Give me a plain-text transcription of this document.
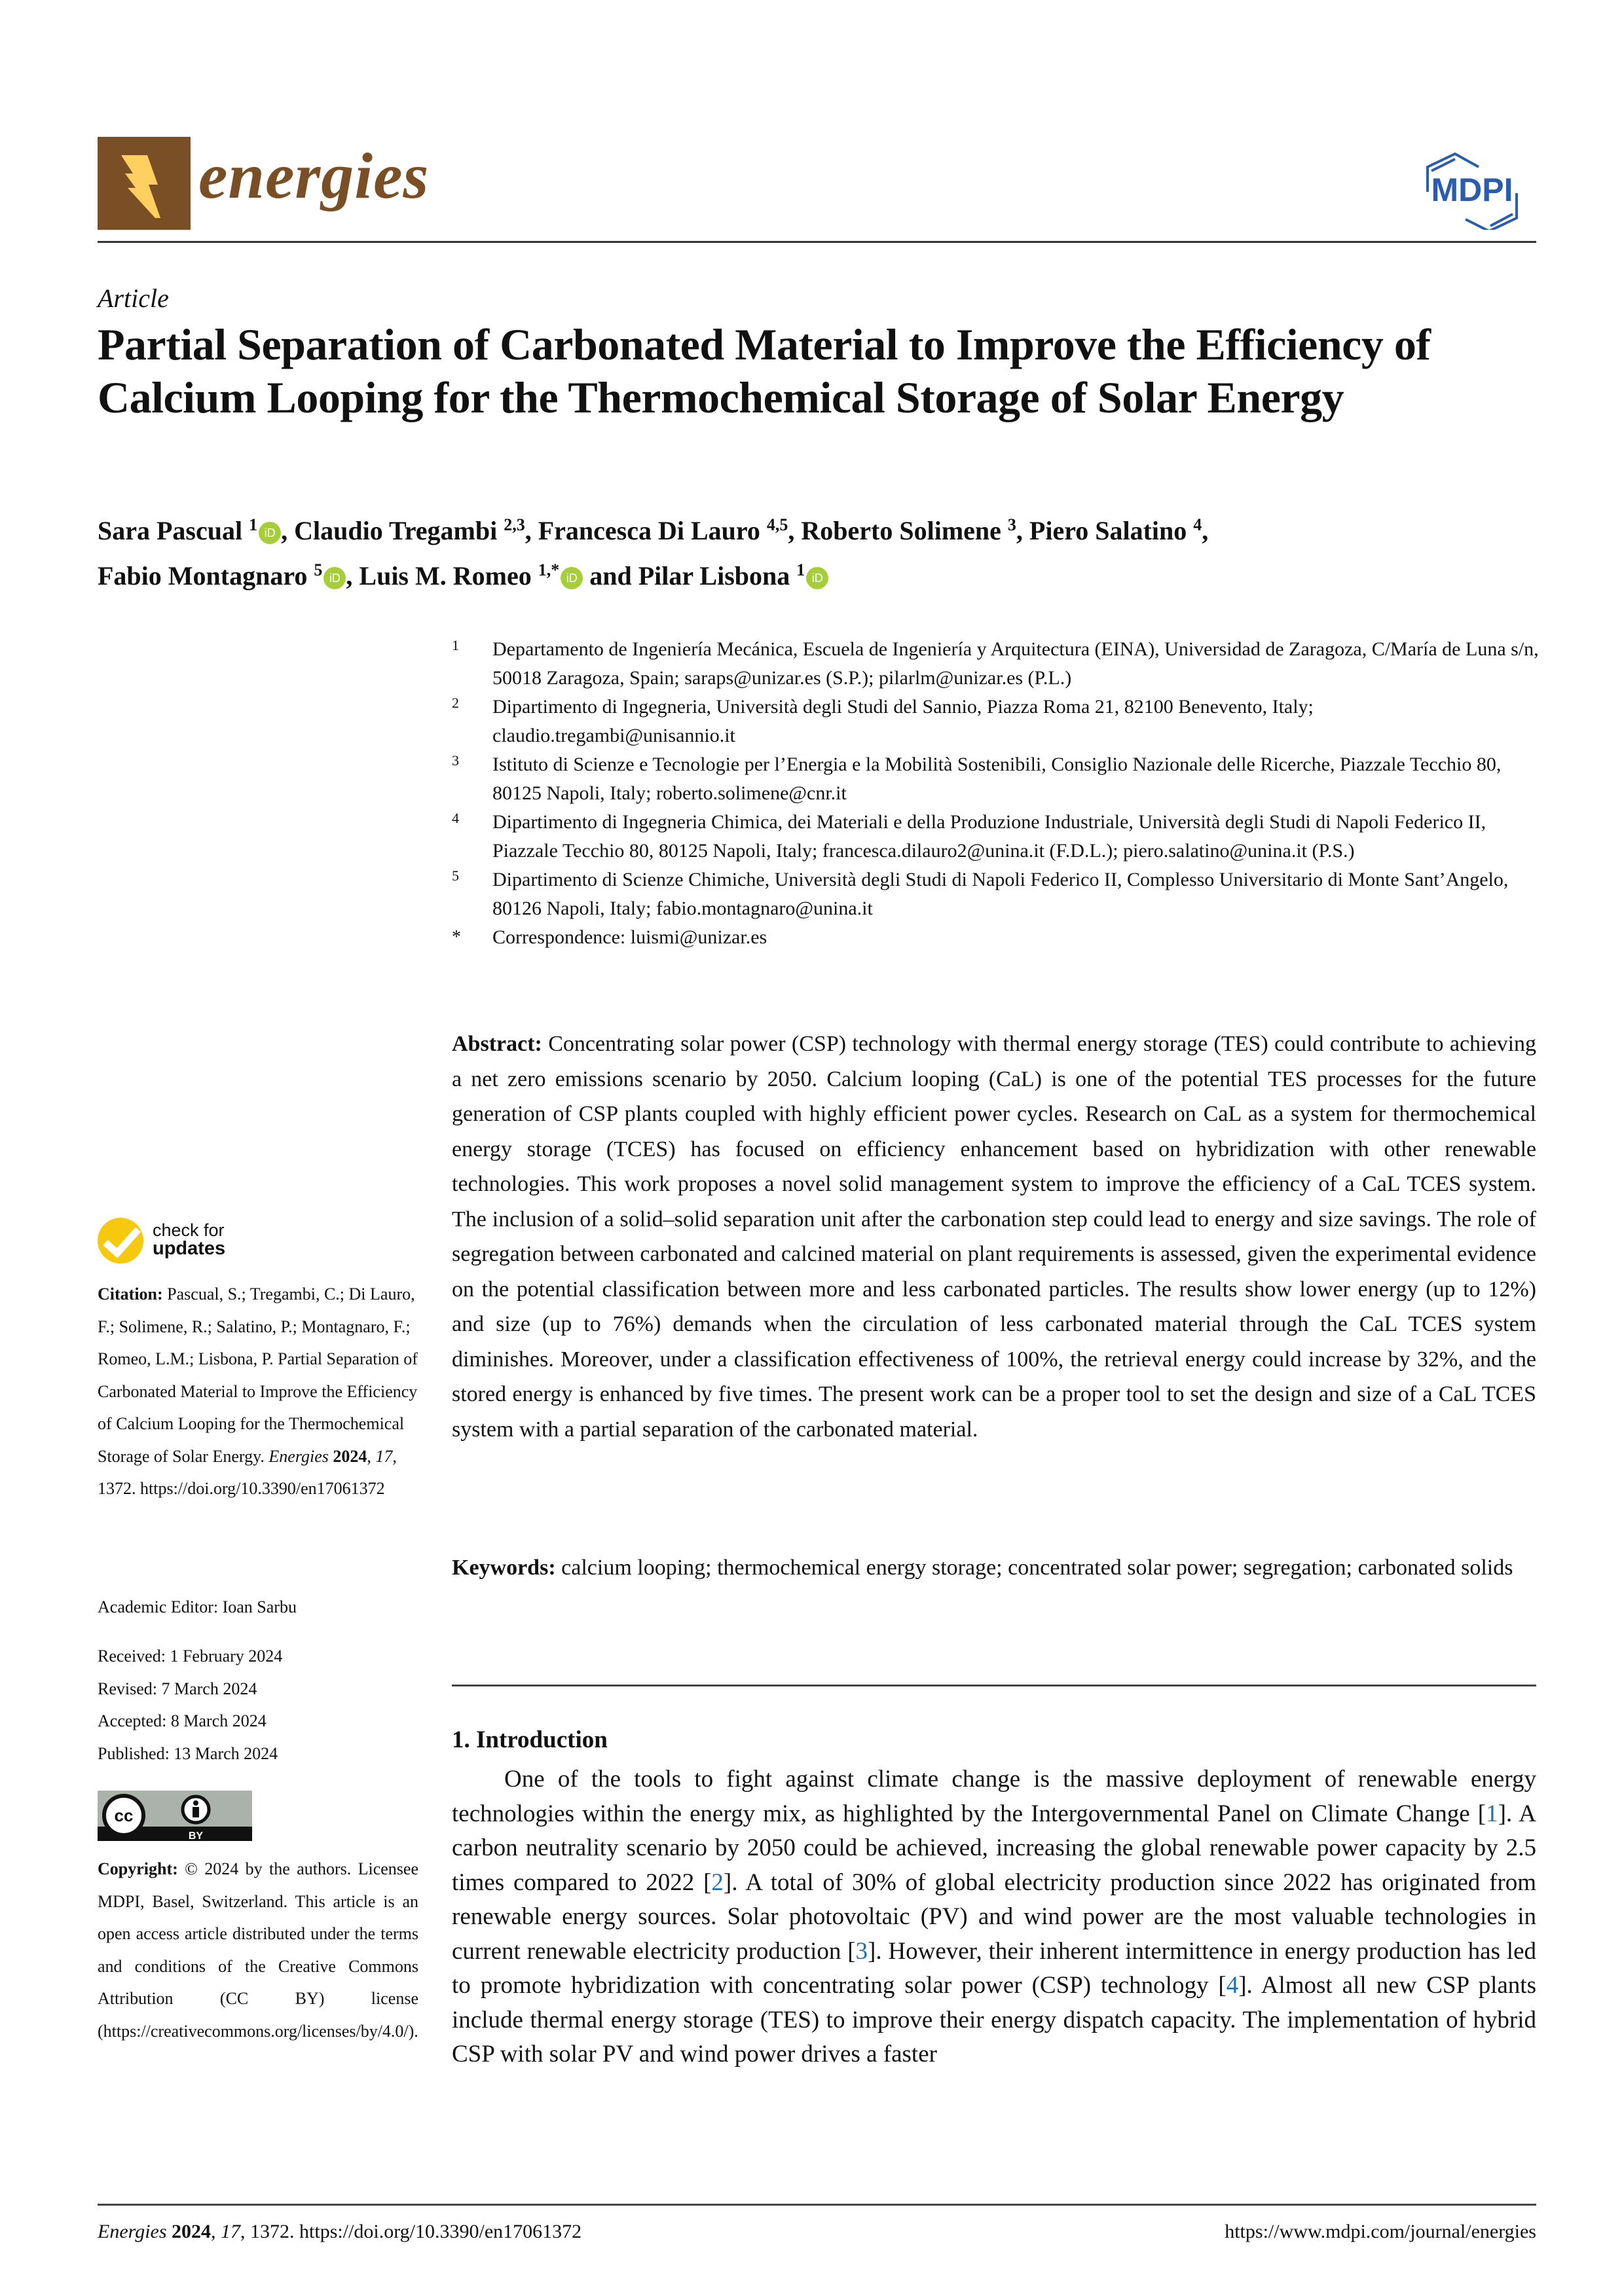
energies	MDPI
Article
Partial Separation of Carbonated Material to Improve the Efficiency of Calcium Looping for the Thermochemical Storage of Solar Energy
Sara Pascual $^1$ iD , Claudio Tregambi $^{2,3}$, Francesca Di Lauro $^{4,5}$, Roberto Solimene $^3$, Piero Salatino $^4$,
Fabio Montagnaro $^5$ iD , Luis M. Romeo $^{1,*}$ iD and Pilar Lisbona $^1$ iD
1 Departamento de Ingeniería Mecánica, Escuela de Ingeniería y Arquitectura (EINA), Universidad de Zaragoza, C/María de Luna s/n, 50018 Zaragoza, Spain; saraps@unizar.es (S.P.); pilarlm@unizar.es (P.L.)
2 Dipartimento di Ingegneria, Università degli Studi del Sannio, Piazza Roma 21, 82100 Benevento, Italy; claudio.tregambi@unisannio.it
3 Istituto di Scienze e Tecnologie per l’Energia e la Mobilità Sostenibili, Consiglio Nazionale delle Ricerche, Piazzale Tecchio 80, 80125 Napoli, Italy; roberto.solimene@cnr.it
4 Dipartimento di Ingegneria Chimica, dei Materiali e della Produzione Industriale, Università degli Studi di Napoli Federico II, Piazzale Tecchio 80, 80125 Napoli, Italy; francesca.dilauro2@unina.it (F.D.L.); piero.salatino@unina.it (P.S.)
5 Dipartimento di Scienze Chimiche, Università degli Studi di Napoli Federico II, Complesso Universitario di Monte Sant’Angelo, 80126 Napoli, Italy; fabio.montagnaro@unina.it
* Correspondence: luismi@unizar.es
Abstract: Concentrating solar power (CSP) technology with thermal energy storage (TES) could contribute to achieving a net zero emissions scenario by 2050. Calcium looping (CaL) is one of the potential TES processes for the future generation of CSP plants coupled with highly efficient power cycles. Research on CaL as a system for thermochemical energy storage (TCES) has focused on efficiency enhancement based on hybridization with other renewable technologies. This work proposes a novel solid management system to improve the efficiency of a CaL TCES system. The inclusion of a solid–solid separation unit after the carbonation step could lead to energy and size savings. The role of segregation between carbonated and calcined material on plant requirements is assessed, given the experimental evidence on the potential classification between more and less carbonated particles. The results show lower energy (up to 12%) and size (up to 76%) demands when the circulation of less carbonated material through the CaL TCES system diminishes. Moreover, under a classification effectiveness of 100%, the retrieval energy could increase by 32%, and the stored energy is enhanced by five times. The present work can be a proper tool to set the design and size of a CaL TCES system with a partial separation of the carbonated material.
Keywords: calcium looping; thermochemical energy storage; concentrated solar power; segregation; carbonated solids
1. Introduction
One of the tools to fight against climate change is the massive deployment of renewable energy technologies within the energy mix, as highlighted by the Intergovernmental Panel on Climate Change [1]. A carbon neutrality scenario by 2050 could be achieved, increasing the global renewable power capacity by 2.5 times compared to 2022 [2]. A total of 30% of global electricity production since 2022 has originated from renewable energy sources. Solar photovoltaic (PV) and wind power are the most valuable technologies in current renewable electricity production [3]. However, their inherent intermittence in energy production has led to promote hybridization with concentrating solar power (CSP) technology [4]. Almost all new CSP plants include thermal energy storage (TES) to improve their energy dispatch capacity. The implementation of hybrid CSP with solar PV and wind power drives a faster
check for
updates
Citation: Pascual, S.; Tregambi, C.; Di Lauro, F.; Solimene, R.; Salatino, P.; Montagnaro, F.; Romeo, L.M.; Lisbona, P. Partial Separation of Carbonated Material to Improve the Efficiency of Calcium Looping for the Thermochemical Storage of Solar Energy. Energies 2024, 17, 1372. https://doi.org/10.3390/en17061372
Academic Editor: Ioan Sarbu
Received: 1 February 2024
Revised: 7 March 2024
Accepted: 8 March 2024
Published: 13 March 2024
cc
BY
Copyright: © 2024 by the authors. Licensee MDPI, Basel, Switzerland. This article is an open access article distributed under the terms and conditions of the Creative Commons Attribution (CC BY) license (https://creativecommons.org/licenses/by/4.0/).
Energies 2024, 17, 1372. https://doi.org/10.3390/en17061372	https://www.mdpi.com/journal/energies
